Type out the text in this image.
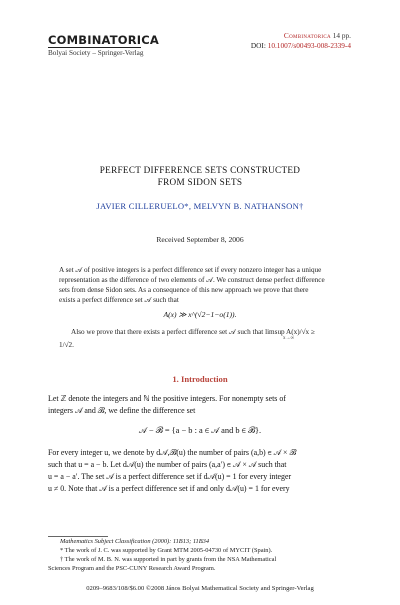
COMBINATORICA
Bolyai Society – Springer-Verlag
Combinatorica 14 pp.
DOI: 10.1007/s00493-008-2339-4
PERFECT DIFFERENCE SETS CONSTRUCTED
FROM SIDON SETS
JAVIER CILLERUELO*, MELVYN B. NATHANSON†
Received September 8, 2006
A set 𝒜 of positive integers is a perfect difference set if every nonzero integer has a unique
representation as the difference of two elements of 𝒜. We construct dense perfect difference
sets from dense Sidon sets. As a consequence of this new approach we prove that there
exists a perfect difference set 𝒜 such that
A(x) ≫ x^(√2−1−o(1)).
Also we prove that there exists a perfect difference set 𝒜 such that limsup A(x)/√x ≥
x→∞
1/√2.
1. Introduction
Let ℤ denote the integers and ℕ the positive integers. For nonempty sets of
integers 𝒜 and ℬ, we define the difference set
𝒜 − ℬ = {a − b : a ∈ 𝒜 and b ∈ ℬ}.
For every integer u, we denote by d𝒜,ℬ(u) the number of pairs (a,b) ∈ 𝒜 × ℬ
such that u = a − b. Let d𝒜(u) the number of pairs (a,a′) ∈ 𝒜 × 𝒜 such that
u = a − a′. The set 𝒜 is a perfect difference set if d𝒜(u) = 1 for every integer
u ≠ 0. Note that 𝒜 is a perfect difference set if and only d𝒜(u) = 1 for every
Mathematics Subject Classification (2000): 11B13; 11B34
* The work of J. C. was supported by Grant MTM 2005-04730 of MYCIT (Spain).
† The work of M. B. N. was supported in part by grants from the NSA Mathematical
Sciences Program and the PSC-CUNY Research Award Program.
0209–9683/108/$6.00 ©2008 János Bolyai Mathematical Society and Springer-Verlag
